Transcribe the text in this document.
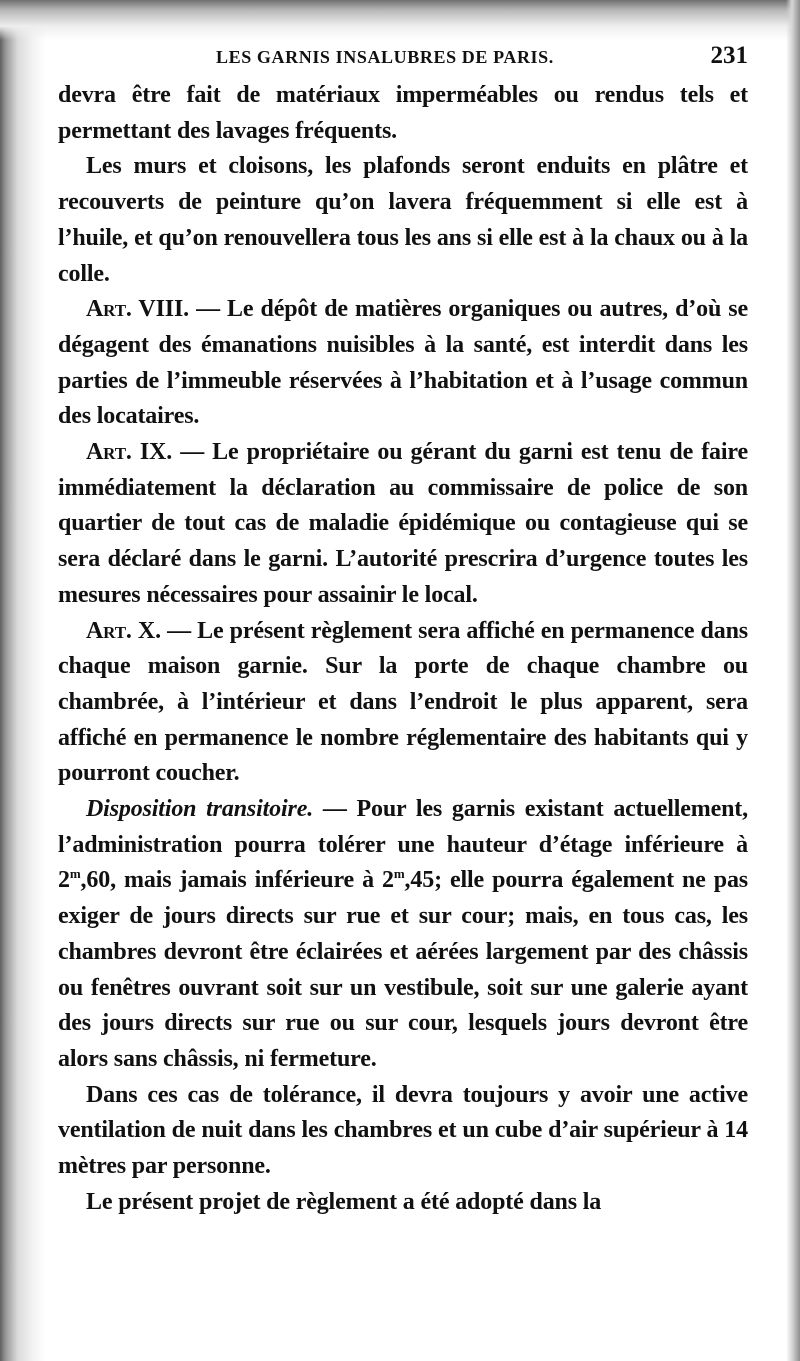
LES GARNIS INSALUBRES DE PARIS.	231

devra être fait de matériaux imperméables ou rendus tels et permettant des lavages fréquents.

Les murs et cloisons, les plafonds seront enduits en plâtre et recouverts de peinture qu’on lavera fréquemment si elle est à l’huile, et qu’on renouvellera tous les ans si elle est à la chaux ou à la colle.

Art. VIII. — Le dépôt de matières organiques ou autres, d’où se dégagent des émanations nuisibles à la santé, est interdit dans les parties de l’immeuble réservées à l’habitation et à l’usage commun des locataires.

Art. IX. — Le propriétaire ou gérant du garni est tenu de faire immédiatement la déclaration au commissaire de police de son quartier de tout cas de maladie épidémique ou contagieuse qui se sera déclaré dans le garni. L’autorité prescrira d’urgence toutes les mesures nécessaires pour assainir le local.

Art. X. — Le présent règlement sera affiché en permanence dans chaque maison garnie. Sur la porte de chaque chambre ou chambrée, à l’intérieur et dans l’endroit le plus apparent, sera affiché en permanence le nombre réglementaire des habitants qui y pourront coucher.

Disposition transitoire. — Pour les garnis existant actuellement, l’administration pourra tolérer une hauteur d’étage inférieure à 2$^m$,60, mais jamais inférieure à 2$^m$,45; elle pourra également ne pas exiger de jours directs sur rue et sur cour; mais, en tous cas, les chambres devront être éclairées et aérées largement par des châssis ou fenêtres ouvrant soit sur un vestibule, soit sur une galerie ayant des jours directs sur rue ou sur cour, lesquels jours devront être alors sans châssis, ni fermeture.

Dans ces cas de tolérance, il devra toujours y avoir une active ventilation de nuit dans les chambres et un cube d’air supérieur à 14 mètres par personne.

Le présent projet de règlement a été adopté dans la
